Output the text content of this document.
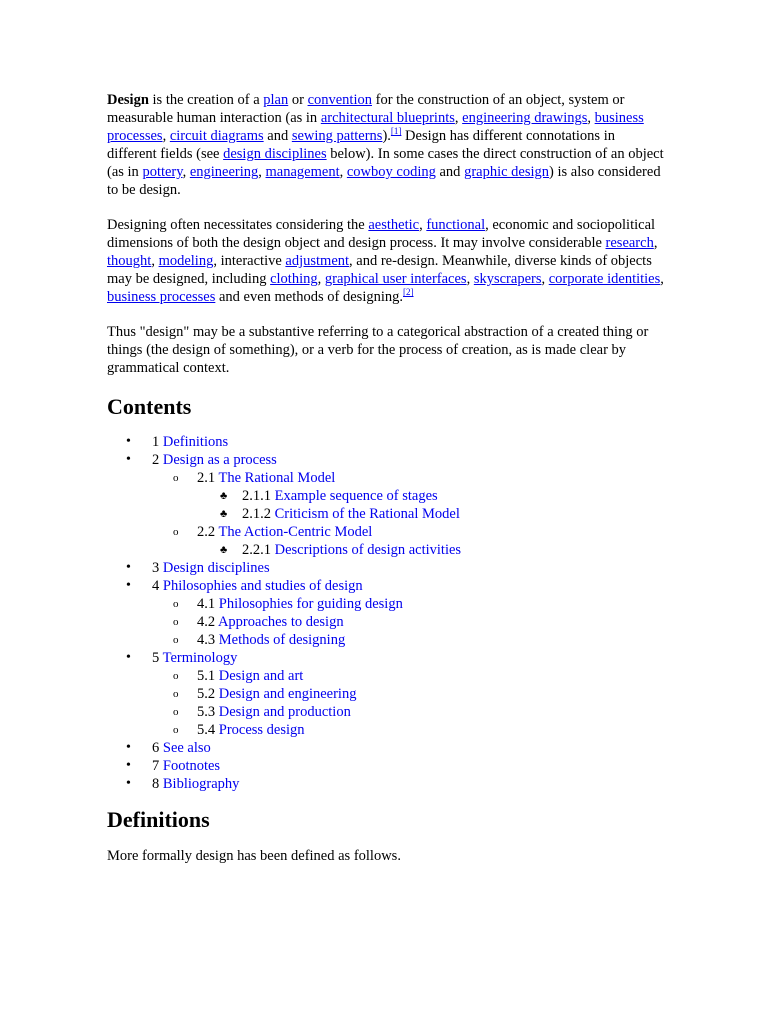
Design is the creation of a plan or convention for the construction of an object, system or measurable human interaction (as in architectural blueprints, engineering drawings, business processes, circuit diagrams and sewing patterns).[1] Design has different connotations in different fields (see design disciplines below). In some cases the direct construction of an object (as in pottery, engineering, management, cowboy coding and graphic design) is also considered to be design.

Designing often necessitates considering the aesthetic, functional, economic and sociopolitical dimensions of both the design object and design process. It may involve considerable research, thought, modeling, interactive adjustment, and re-design. Meanwhile, diverse kinds of objects may be designed, including clothing, graphical user interfaces, skyscrapers, corporate identities, business processes and even methods of designing.[2]

Thus "design" may be a substantive referring to a categorical abstraction of a created thing or things (the design of something), or a verb for the process of creation, as is made clear by grammatical context.

Contents
• 1 Definitions
• 2 Design as a process
o 2.1 The Rational Model
♣ 2.1.1 Example sequence of stages
♣ 2.1.2 Criticism of the Rational Model
o 2.2 The Action-Centric Model
♣ 2.2.1 Descriptions of design activities
• 3 Design disciplines
• 4 Philosophies and studies of design
o 4.1 Philosophies for guiding design
o 4.2 Approaches to design
o 4.3 Methods of designing
• 5 Terminology
o 5.1 Design and art
o 5.2 Design and engineering
o 5.3 Design and production
o 5.4 Process design
• 6 See also
• 7 Footnotes
• 8 Bibliography
Definitions

More formally design has been defined as follows.
